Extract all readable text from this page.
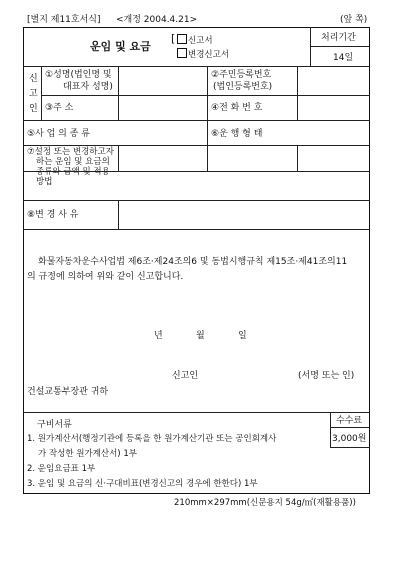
[별지 제11호서식] <개정 2004.4.21>	(앞 쪽)
운임 및 요금
[	신고서
변경신고서
처리기간
14일
신
고
인
①성명(법인명 및
대표자 성명)
②주민등록번호
(법인등록번호)
③주 소	④전 화 번 호
⑤사 업 의 종 류	⑥운 행 형 태
⑦설정 또는 변경하고자
하는 운임 및 요금의
종류와 금액 및 적용
방법
⑧변 경 사 유
화물자동차운수사업법 제6조·제24조의6 및 동법시행규칙 제15조·제41조의11
의 규정에 의하여 위와 같이 신고합니다.
년	월	일
신고인	(서명 또는 인)
건설교통부장관 귀하
구비서류
1. 원가계산서(행정기관에 등록을 한 원가계산기관 또는 공인회계사
가 작성한 원가계산서) 1부
2. 운임요금표 1부
3. 운임 및 요금의 신·구대비표(변경신고의 경우에 한한다) 1부
수수료
3,000원
210mm×297mm(신문용지 54g/㎡(재활용품))
